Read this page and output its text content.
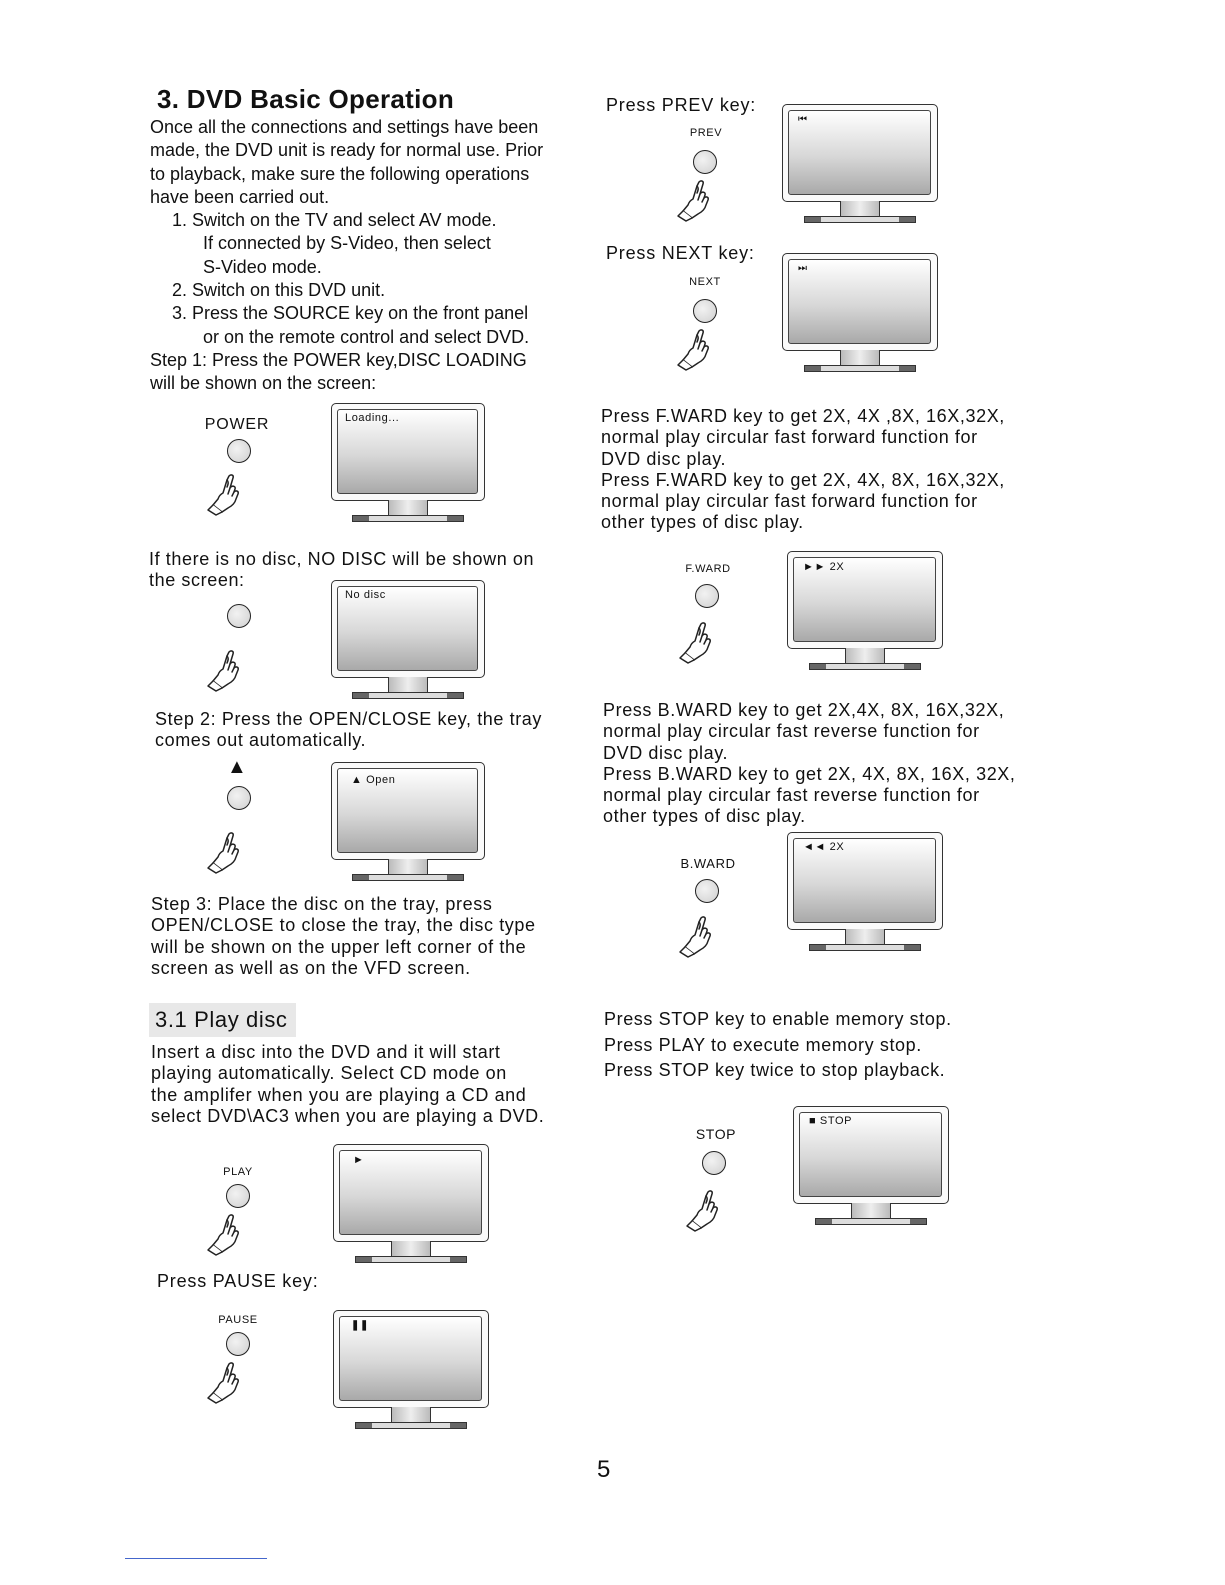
3. DVD Basic Operation
Once all the connections and settings have been
made, the DVD unit is ready for normal use. Prior
to playback, make sure the following operations
have been carried out.
1. Switch on the TV and select AV mode.
If connected by S-Video, then select
S-Video mode.
2. Switch on this DVD unit.
3. Press the SOURCE key on the front panel
or on the remote control and select DVD.
Step 1: Press the POWER key,DISC LOADING
will be shown on the screen:
POWER	Loading...
If there is no disc, NO DISC will be shown on
the screen:
No disc
Step 2: Press the OPEN/CLOSE key, the tray
comes out automatically.
▲
▲ Open
Step 3: Place the disc on the tray, press
OPEN/CLOSE to close the tray, the disc type
will be shown on the upper left corner of the
screen as well as on the VFD screen.
3.1 Play disc
Insert a disc into the DVD and it will start
playing automatically. Select CD mode on
the amplifer when you are playing a CD and
select DVD\AC3 when you are playing a DVD.
PLAY
►
Press PAUSE key:
PAUSE	❚❚
Press PREV key:
PREV
⏮
Press NEXT key:
NEXT
⏭
Press F.WARD key to get 2X, 4X ,8X, 16X,32X,
normal play circular fast forward function for
DVD disc play.
Press F.WARD key to get 2X, 4X, 8X, 16X,32X,
normal play circular fast forward function for
other types of disc play.
F.WARD	►► 2X
Press B.WARD key to get 2X,4X, 8X, 16X,32X,
normal play circular fast reverse function for
DVD disc play.
Press B.WARD key to get 2X, 4X, 8X, 16X, 32X,
normal play circular fast reverse function for
other types of disc play.
B.WARD
◄◄ 2X
Press STOP key to enable memory stop.
Press PLAY to execute memory stop.
Press STOP key twice to stop playback.
STOP
■ STOP
5
